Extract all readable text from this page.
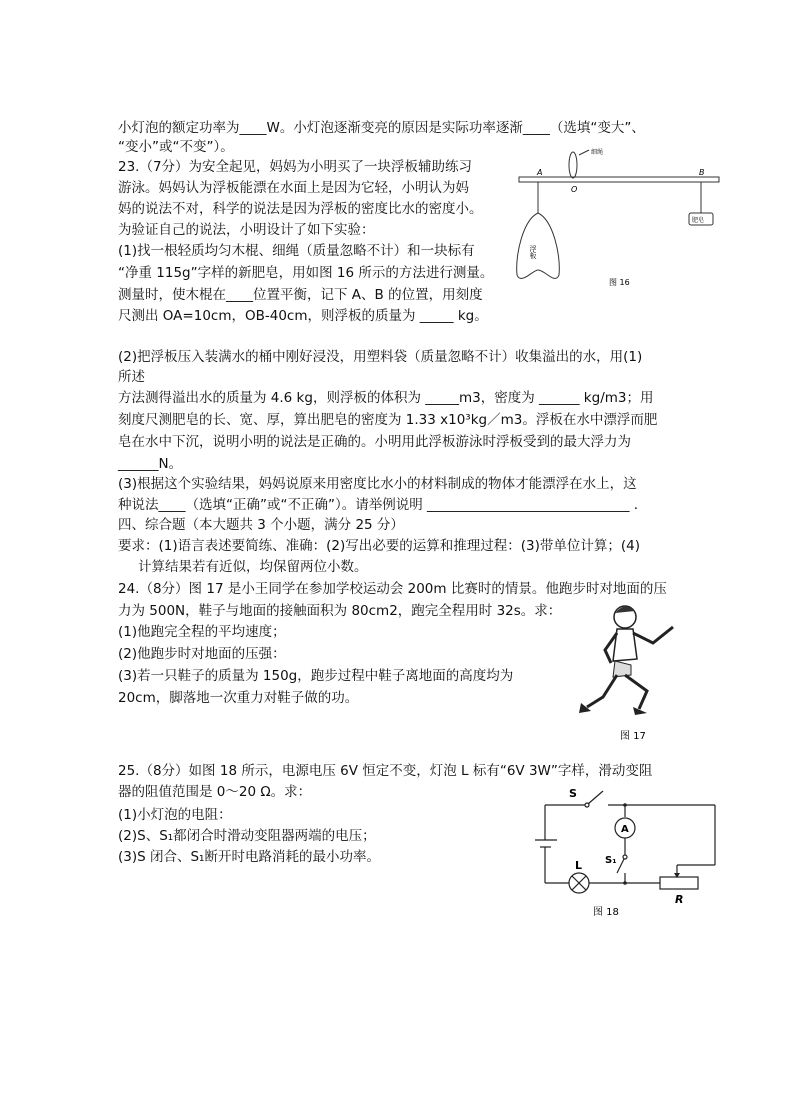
小灯泡的额定功率为____W。小灯泡逐渐变亮的原因是实际功率逐渐____（选填“变大”、
“变小”或“不变”）。
23.（7分）为安全起见，妈妈为小明买了一块浮板辅助练习
游泳。妈妈认为浮板能漂在水面上是因为它轻，小明认为妈
妈的说法不对，科学的说法是因为浮板的密度比水的密度小。
为验证自己的说法，小明设计了如下实验：
(1)找一根轻质均匀木棍、细绳（质量忽略不计）和一块标有
“净重 115g”字样的新肥皂，用如图 16 所示的方法进行测量。
测量时，使木棍在____位置平衡，记下 A、B 的位置，用刻度
尺测出 OA=10cm，OB-40cm，则浮板的质量为 _____ kg。
(2)把浮板压入装满水的桶中刚好浸没，用塑料袋（质量忽略不计）收集溢出的水，用(1)
所述
方法测得溢出水的质量为 4.6 kg，则浮板的体积为 _____m3，密度为 ______ kg/m3；用
刻度尺测肥皂的长、宽、厚，算出肥皂的密度为 1.33 x10³kg／m3。浮板在水中漂浮而肥
皂在水中下沉，说明小明的说法是正确的。小明用此浮板游泳时浮板受到的最大浮力为
______N。
(3)根据这个实验结果，妈妈说原来用密度比水小的材料制成的物体才能漂浮在水上，这
种说法____（选填“正确”或“不正确”）。请举例说明 ______________________________ .
四、综合题（本大题共 3 个小题，满分 25 分）
要求：(1)语言表述要简练、准确：(2)写出必要的运算和推理过程：(3)带单位计算；(4)
计算结果若有近似，均保留两位小数。
24.（8分）图 17 是小王同学在参加学校运动会 200m 比赛时的情景。他跑步时对地面的压
力为 500N，鞋子与地面的接触面积为 80cm2，跑完全程用时 32s。求：
(1)他跑完全程的平均速度；
(2)他跑步时对地面的压强：
(3)若一只鞋子的质量为 150g，跑步过程中鞋子离地面的高度均为
20cm，脚落地一次重力对鞋子做的功。
25.（8分）如图 18 所示，电源电压 6V 恒定不变，灯泡 L 标有“6V 3W”字样，滑动变阻
器的阻值范围是 0～20 Ω。求：
(1)小灯泡的电阻：
(2)S、S₁都闭合时滑动变阻器两端的电压；
(3)S 闭合、S₁断开时电路消耗的最小功率。
细绳
A
O
B
肥皂
浮板
图 16
图 17
S
A
S₁
L
R
图 18
